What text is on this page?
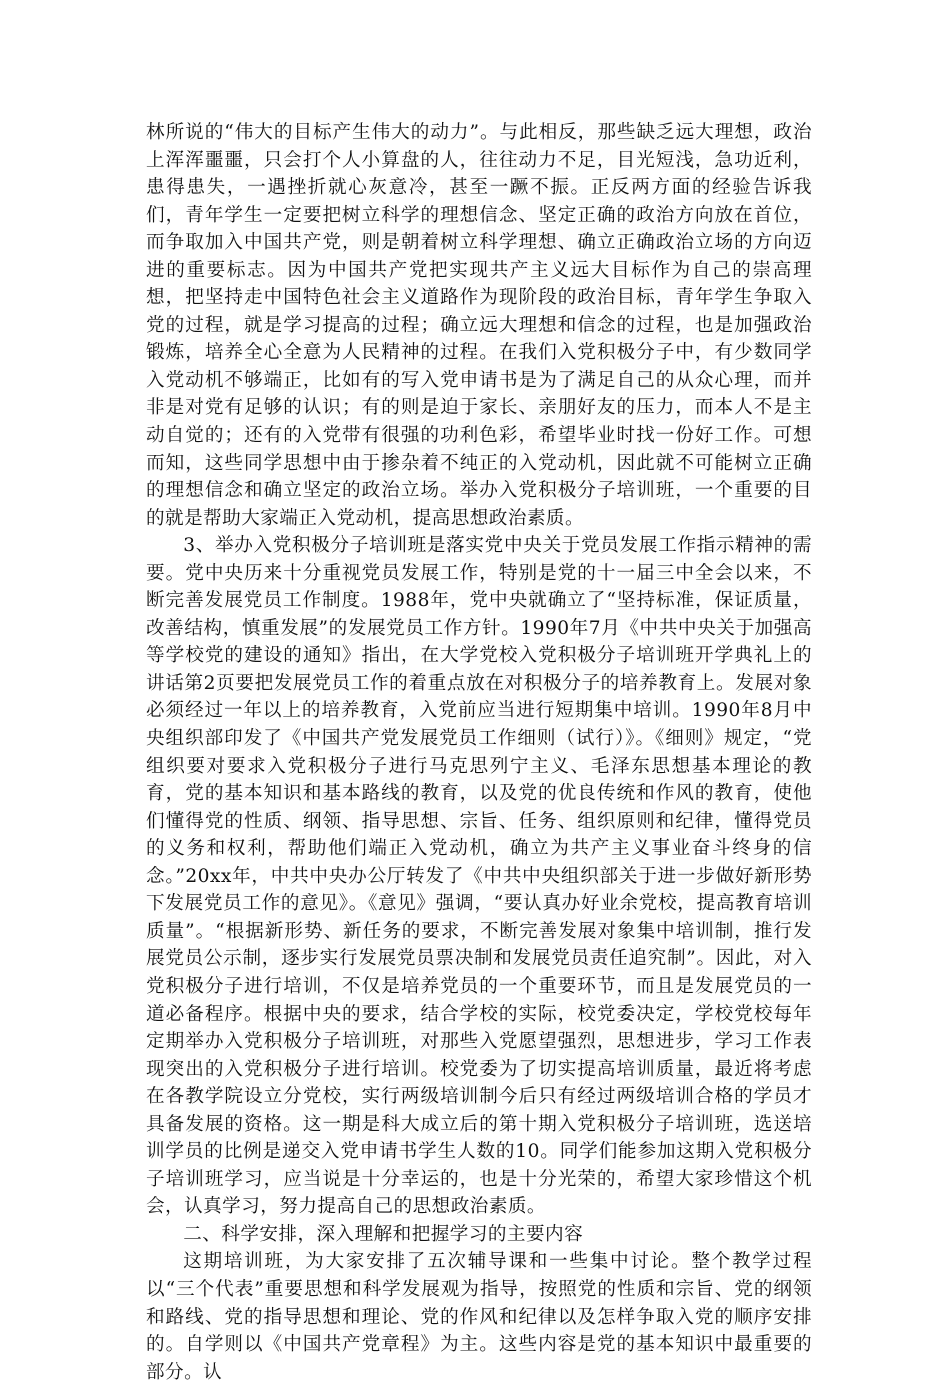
林所说的“伟大的目标产生伟大的动力”。与此相反，那些缺乏远大理想，政治上浑浑噩噩，只会打个人小算盘的人，往往动力不足，目光短浅，急功近利，患得患失，一遇挫折就心灰意冷，甚至一蹶不振。正反两方面的经验告诉我们，青年学生一定要把树立科学的理想信念、坚定正确的政治方向放在首位，而争取加入中国共产党，则是朝着树立科学理想、确立正确政治立场的方向迈进的重要标志。因为中国共产党把实现共产主义远大目标作为自己的崇高理想，把坚持走中国特色社会主义道路作为现阶段的政治目标，青年学生争取入党的过程，就是学习提高的过程；确立远大理想和信念的过程，也是加强政治锻炼，培养全心全意为人民精神的过程。在我们入党积极分子中，有少数同学入党动机不够端正，比如有的写入党申请书是为了满足自己的从众心理，而并非是对党有足够的认识；有的则是迫于家长、亲朋好友的压力，而本人不是主动自觉的；还有的入党带有很强的功利色彩，希望毕业时找一份好工作。可想而知，这些同学思想中由于掺杂着不纯正的入党动机，因此就不可能树立正确的理想信念和确立坚定的政治立场。举办入党积极分子培训班，一个重要的目的就是帮助大家端正入党动机，提高思想政治素质。

3、举办入党积极分子培训班是落实党中央关于党员发展工作指示精神的需要。党中央历来十分重视党员发展工作，特别是党的十一届三中全会以来，不断完善发展党员工作制度。1988年，党中央就确立了“坚持标准，保证质量，改善结构，慎重发展”的发展党员工作方针。1990年7月《中共中央关于加强高等学校党的建设的通知》指出，在大学党校入党积极分子培训班开学典礼上的讲话第2页要把发展党员工作的着重点放在对积极分子的培养教育上。发展对象必须经过一年以上的培养教育，入党前应当进行短期集中培训。1990年8月中央组织部印发了《中国共产党发展党员工作细则（试行）》。《细则》规定，“党组织要对要求入党积极分子进行马克思列宁主义、毛泽东思想基本理论的教育，党的基本知识和基本路线的教育，以及党的优良传统和作风的教育，使他们懂得党的性质、纲领、指导思想、宗旨、任务、组织原则和纪律，懂得党员的义务和权利，帮助他们端正入党动机，确立为共产主义事业奋斗终身的信念。”20xx年，中共中央办公厅转发了《中共中央组织部关于进一步做好新形势下发展党员工作的意见》。《意见》强调，“要认真办好业余党校，提高教育培训质量”。“根据新形势、新任务的要求，不断完善发展对象集中培训制，推行发展党员公示制，逐步实行发展党员票决制和发展党员责任追究制”。因此，对入党积极分子进行培训，不仅是培养党员的一个重要环节，而且是发展党员的一道必备程序。根据中央的要求，结合学校的实际，校党委决定，学校党校每年定期举办入党积极分子培训班，对那些入党愿望强烈，思想进步，学习工作表现突出的入党积极分子进行培训。校党委为了切实提高培训质量，最近将考虑在各教学院设立分党校，实行两级培训制今后只有经过两级培训合格的学员才具备发展的资格。这一期是科大成立后的第十期入党积极分子培训班，选送培训学员的比例是递交入党申请书学生人数的10。同学们能参加这期入党积极分子培训班学习，应当说是十分幸运的，也是十分光荣的，希望大家珍惜这个机会，认真学习，努力提高自己的思想政治素质。

二、科学安排，深入理解和把握学习的主要内容

这期培训班，为大家安排了五次辅导课和一些集中讨论。整个教学过程以“三个代表”重要思想和科学发展观为指导，按照党的性质和宗旨、党的纲领和路线、党的指导思想和理论、党的作风和纪律以及怎样争取入党的顺序安排的。自学则以《中国共产党章程》为主。这些内容是党的基本知识中最重要的部分。认
